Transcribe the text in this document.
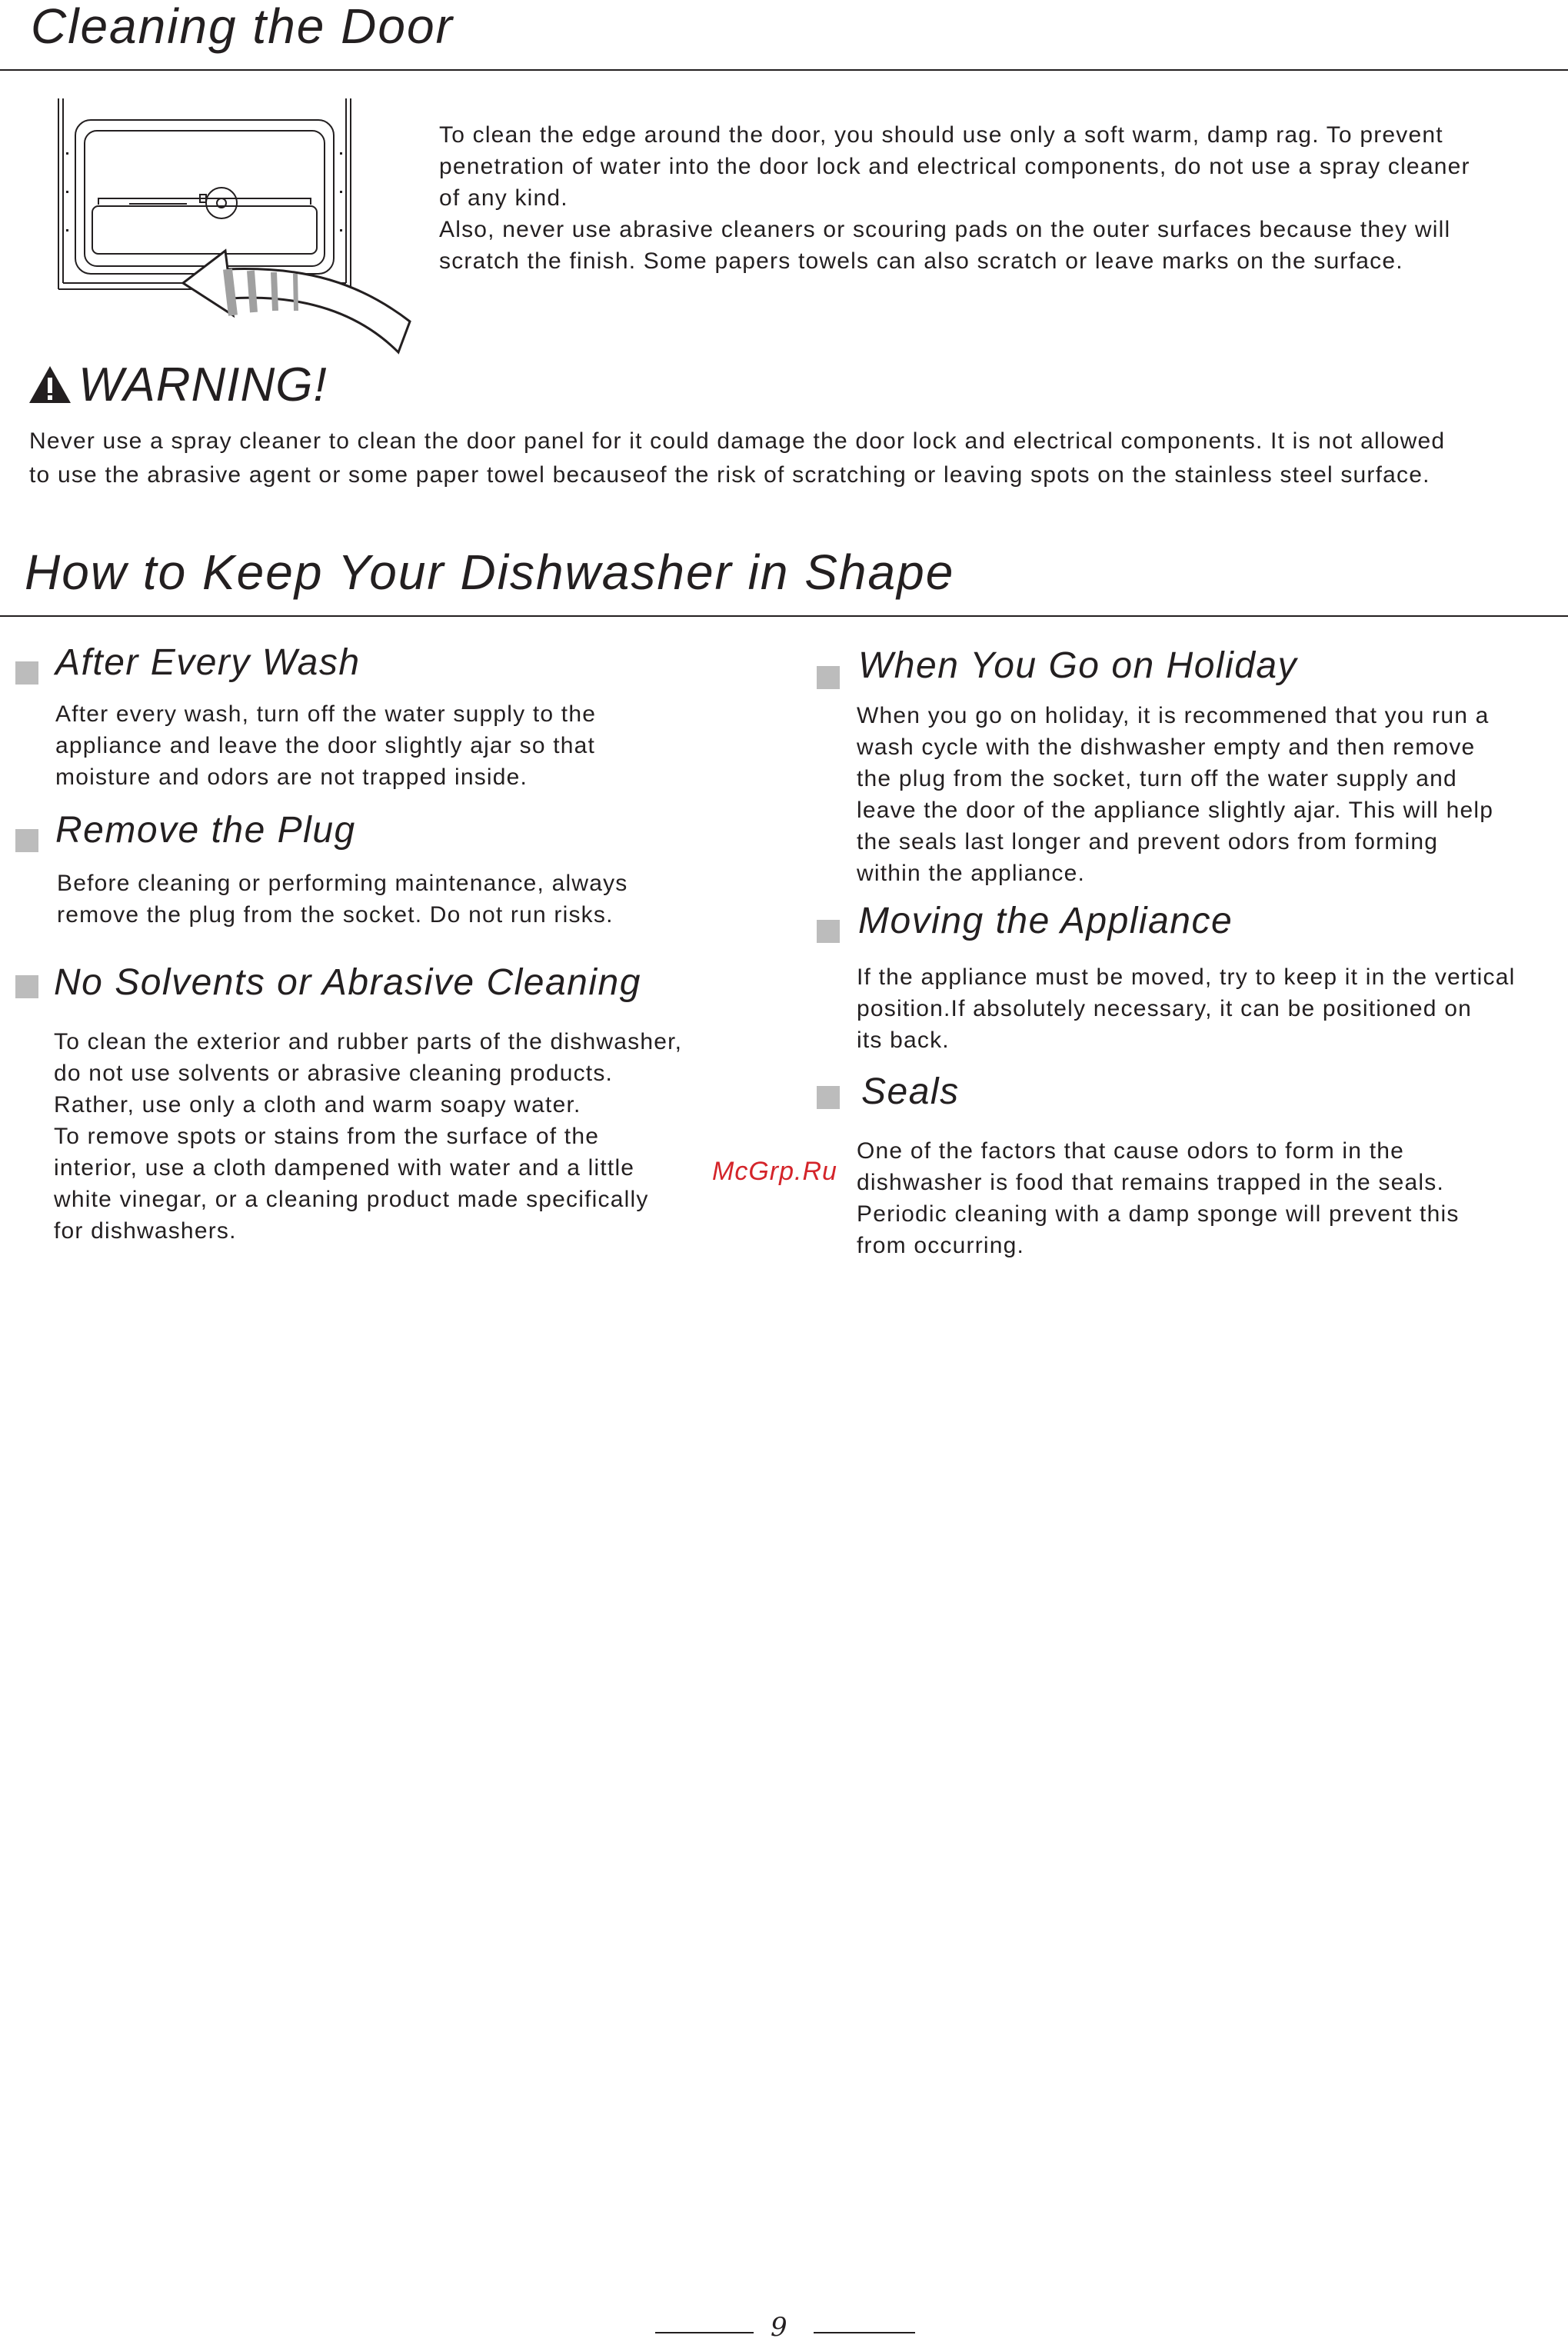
Cleaning the Door
To clean the edge around the door, you should use only a soft warm, damp rag. To prevent
penetration of water into the door lock and electrical components, do not use a spray cleaner
of any kind.
Also, never use abrasive cleaners or scouring pads on the outer surfaces because they will
scratch the finish. Some papers towels can also scratch or leave marks on the surface.
WARNING!
Never use a spray cleaner to clean the door panel for it could damage the door lock and electrical components. It is not allowed
to use the abrasive agent or some paper towel becauseof the risk of scratching or leaving spots on the stainless steel surface.
How to Keep Your Dishwasher in Shape
After Every Wash
After every wash, turn off the water supply to the
appliance and leave the door slightly ajar so that
moisture and odors are not trapped inside.
Remove the Plug
Before cleaning or performing maintenance, always
remove the plug from the socket. Do not run risks.
No Solvents or Abrasive Cleaning
To clean the exterior and rubber parts of the dishwasher,
do not use solvents or abrasive cleaning products.
Rather, use only a cloth and warm soapy water.
To remove spots or stains from the surface of the
interior, use a cloth dampened with water and a little
white vinegar, or a cleaning product made specifically
for dishwashers.
When You Go on Holiday
When you go on holiday, it is recommened that you run a
wash cycle with the dishwasher empty and then remove
the plug from the socket, turn off the water supply and
leave the door of the appliance slightly ajar. This will help
the seals last longer and prevent odors from forming
within the appliance.
Moving the Appliance
If the appliance must be moved, try to keep it in the vertical
position.If absolutely necessary, it can be positioned on
its back.
Seals
One of the factors that cause odors to form in the
dishwasher is food that remains trapped in the seals.
Periodic cleaning with a damp sponge will prevent this
from occurring.
McGrp.Ru
9
